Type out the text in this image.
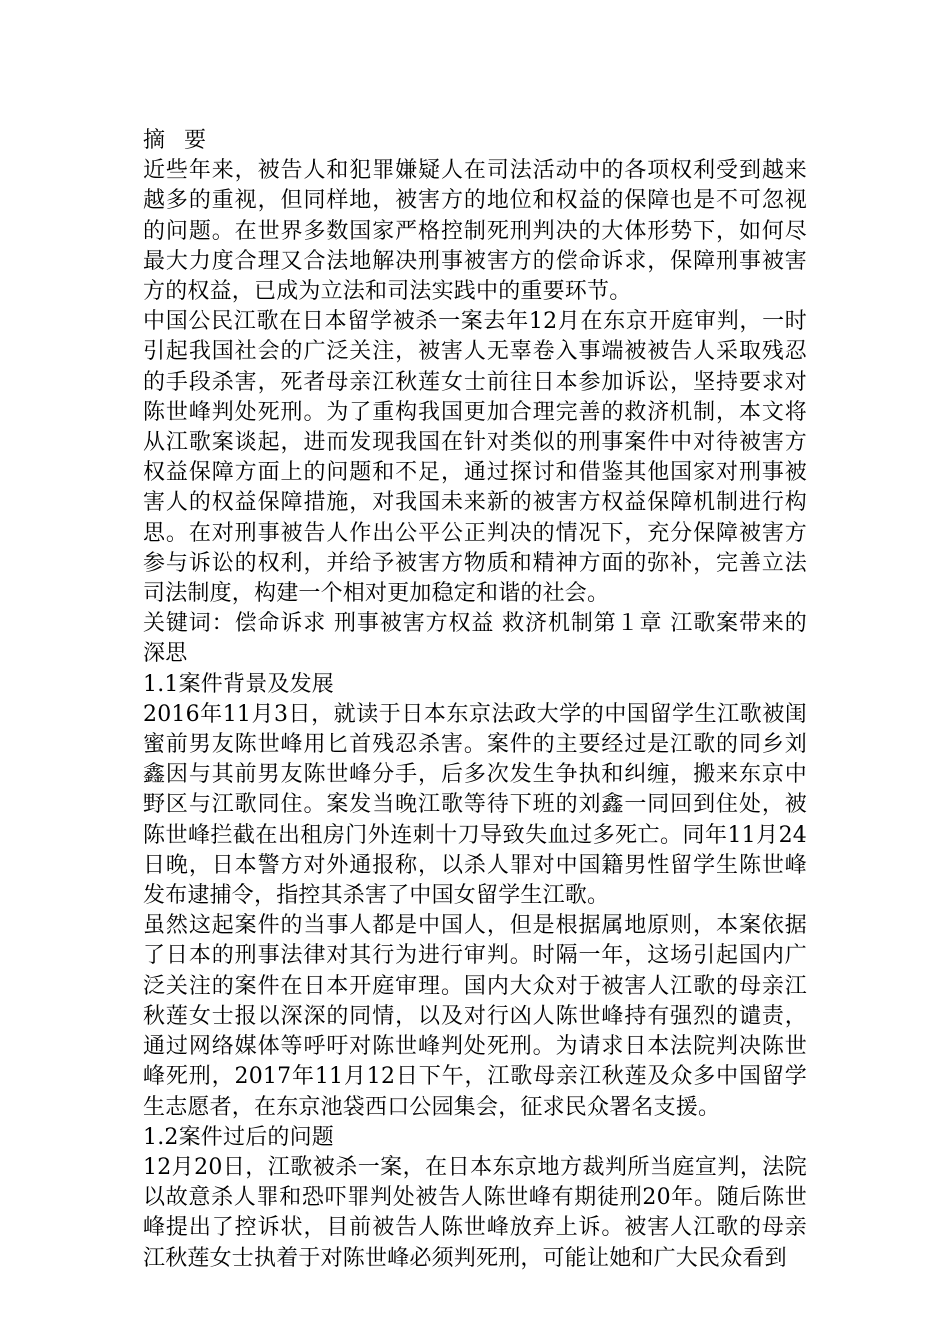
摘 要

近些年来，被告人和犯罪嫌疑人在司法活动中的各项权利受到越来越多的重视，但同样地，被害方的地位和权益的保障也是不可忽视的问题。在世界多数国家严格控制死刑判决的大体形势下，如何尽最大力度合理又合法地解决刑事被害方的偿命诉求，保障刑事被害方的权益，已成为立法和司法实践中的重要环节。

中国公民江歌在日本留学被杀一案去年12月在东京开庭审判，一时引起我国社会的广泛关注，被害人无辜卷入事端被被告人采取残忍的手段杀害，死者母亲江秋莲女士前往日本参加诉讼，坚持要求对陈世峰判处死刑。为了重构我国更加合理完善的救济机制，本文将从江歌案谈起，进而发现我国在针对类似的刑事案件中对待被害方权益保障方面上的问题和不足，通过探讨和借鉴其他国家对刑事被害人的权益保障措施，对我国未来新的被害方权益保障机制进行构思。在对刑事被告人作出公平公正判决的情况下，充分保障被害方参与诉讼的权利，并给予被害方物质和精神方面的弥补，完善立法司法制度，构建一个相对更加稳定和谐的社会。

关键词：偿命诉求 刑事被害方权益 救济机制第１章 江歌案带来的深思

1.1案件背景及发展

2016年11月3日，就读于日本东京法政大学的中国留学生江歌被闺蜜前男友陈世峰用匕首残忍杀害。案件的主要经过是江歌的同乡刘鑫因与其前男友陈世峰分手，后多次发生争执和纠缠，搬来东京中野区与江歌同住。案发当晚江歌等待下班的刘鑫一同回到住处，被陈世峰拦截在出租房门外连刺十刀导致失血过多死亡。同年11月24日晚，日本警方对外通报称，以杀人罪对中国籍男性留学生陈世峰发布逮捕令，指控其杀害了中国女留学生江歌。

虽然这起案件的当事人都是中国人，但是根据属地原则，本案依据了日本的刑事法律对其行为进行审判。时隔一年，这场引起国内广泛关注的案件在日本开庭审理。国内大众对于被害人江歌的母亲江秋莲女士报以深深的同情，以及对行凶人陈世峰持有强烈的谴责，通过网络媒体等呼吁对陈世峰判处死刑。为请求日本法院判决陈世峰死刑，2017年11月12日下午，江歌母亲江秋莲及众多中国留学生志愿者，在东京池袋西口公园集会，征求民众署名支援。

1.2案件过后的问题

12月20日，江歌被杀一案，在日本东京地方裁判所当庭宣判，法院以故意杀人罪和恐吓罪判处被告人陈世峰有期徒刑20年。随后陈世峰提出了控诉状，目前被告人陈世峰放弃上诉。被害人江歌的母亲江秋莲女士执着于对陈世峰必须判死刑，可能让她和广大民众看到
